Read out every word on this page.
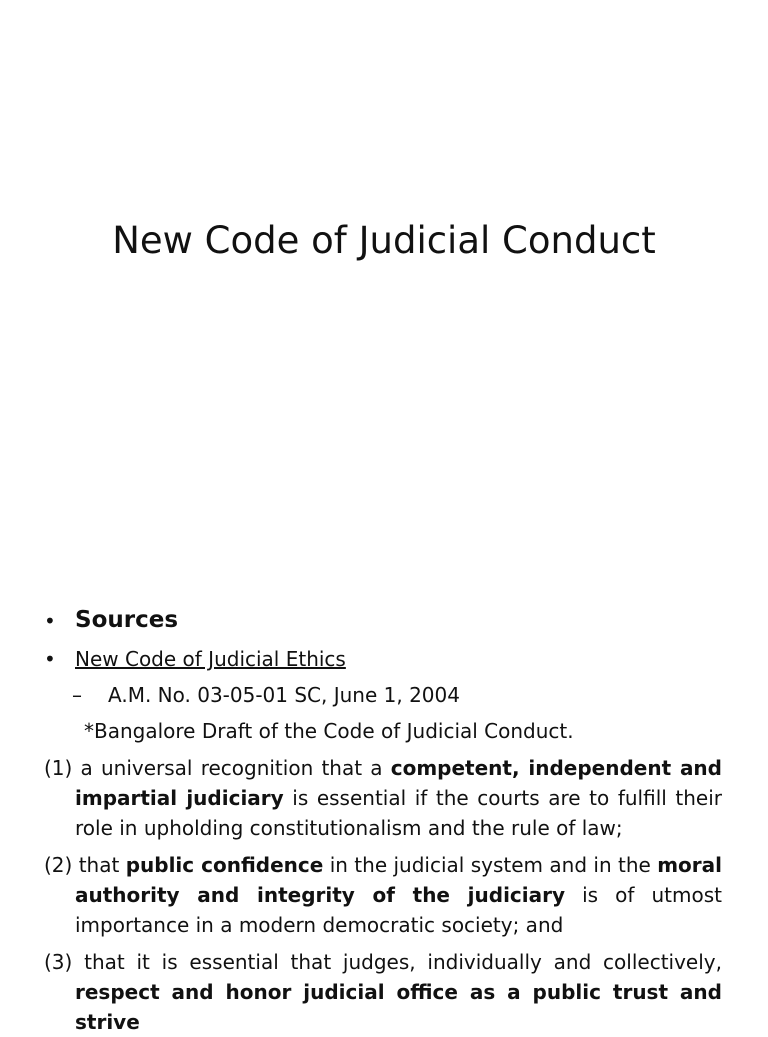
New Code of Judicial Conduct
• Sources
• New Code of Judicial Ethics
– A.M. No. 03-05-01 SC, June 1, 2004
*Bangalore Draft of the Code of Judicial Conduct.
(1) a universal recognition that a competent, independent and impartial judiciary is essential if the courts are to fulfill their role in upholding constitutionalism and the rule of law;
(2) that public confidence in the judicial system and in the moral authority and integrity of the judiciary is of utmost importance in a modern democratic society; and
(3) that it is essential that judges, individually and collectively, respect and honor judicial office as a public trust and strive
